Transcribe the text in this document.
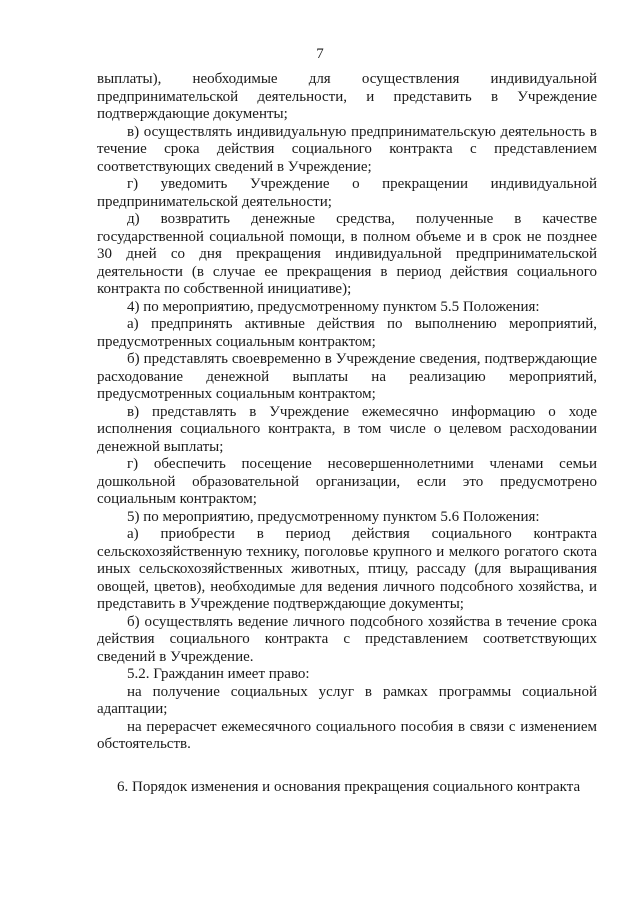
7

выплаты), необходимые для осуществления индивидуальной предпринимательской деятельности, и представить в Учреждение подтверждающие документы;

в) осуществлять индивидуальную предпринимательскую деятельность в течение срока действия социального контракта с представлением соответствующих сведений в Учреждение;

г) уведомить Учреждение о прекращении индивидуальной предпринимательской деятельности;

д) возвратить денежные средства, полученные в качестве государственной социальной помощи, в полном объеме и в срок не позднее 30 дней со дня прекращения индивидуальной предпринимательской деятельности (в случае ее прекращения в период действия социального контракта по собственной инициативе);

4) по мероприятию, предусмотренному пунктом 5.5 Положения:

а) предпринять активные действия по выполнению мероприятий, предусмотренных социальным контрактом;

б) представлять своевременно в Учреждение сведения, подтверждающие расходование денежной выплаты на реализацию мероприятий, предусмотренных социальным контрактом;

в) представлять в Учреждение ежемесячно информацию о ходе исполнения социального контракта, в том числе о целевом расходовании денежной выплаты;

г) обеспечить посещение несовершеннолетними членами семьи дошкольной образовательной организации, если это предусмотрено социальным контрактом;

5) по мероприятию, предусмотренному пунктом 5.6 Положения:

а) приобрести в период действия социального контракта сельскохозяйственную технику, поголовье крупного и мелкого рогатого скота иных сельскохозяйственных животных, птицу, рассаду (для выращивания овощей, цветов), необходимые для ведения личного подсобного хозяйства, и представить в Учреждение подтверждающие документы;

б) осуществлять ведение личного подсобного хозяйства в течение срока действия социального контракта с представлением соответствующих сведений в Учреждение.

5.2. Гражданин имеет право:

на получение социальных услуг в рамках программы социальной адаптации;

на перерасчет ежемесячного социального пособия в связи с изменением обстоятельств.

6. Порядок изменения и основания прекращения социального контракта
